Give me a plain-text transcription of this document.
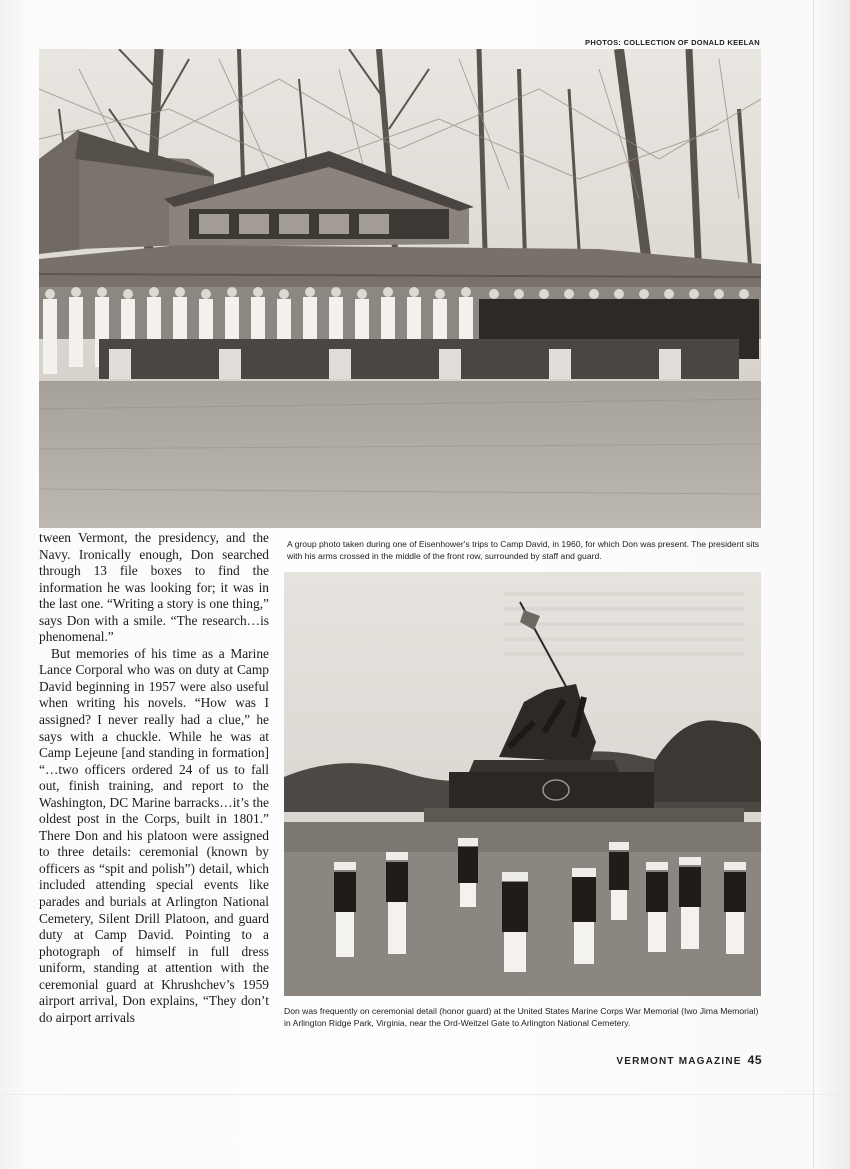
PHOTOS: COLLECTION OF DONALD KEELAN
A group photo taken during one of Eisenhower's trips to Camp David, in 1960, for which Don was present. The president sits with his arms crossed in the middle of the front row, surrounded by staff and guard.
Don was frequently on ceremonial detail (honor guard) at the United States Marine Corps War Memorial (Iwo Jima Memorial) in Arlington Ridge Park, Virginia, near the Ord-Weitzel Gate to Arlington National Cemetery.

tween Vermont, the presidency, and the Navy. Ironically enough, Don searched through 13 file boxes to find the information he was looking for; it was in the last one. “Writing a story is one thing,” says Don with a smile. “The research…is phenomenal.”

But memories of his time as a Marine Lance Corporal who was on duty at Camp David beginning in 1957 were also useful when writing his novels. “How was I assigned? I never really had a clue,” he says with a chuckle. While he was at Camp Lejeune [and standing in formation] “…two officers ordered 24 of us to fall out, finish training, and report to the Washington, DC Marine barracks…it’s the oldest post in the Corps, built in 1801.” There Don and his platoon were assigned to three details: ceremonial (known by officers as “spit and polish”) detail, which included attending special events like parades and burials at Arlington National Cemetery, Silent Drill Platoon, and guard duty at Camp David. Pointing to a photograph of himself in full dress uniform, standing at attention with the ceremonial guard at Khrushchev’s 1959 airport arrival, Don explains, “They don’t do airport arrivals

VERMONT MAGAZINE 45
